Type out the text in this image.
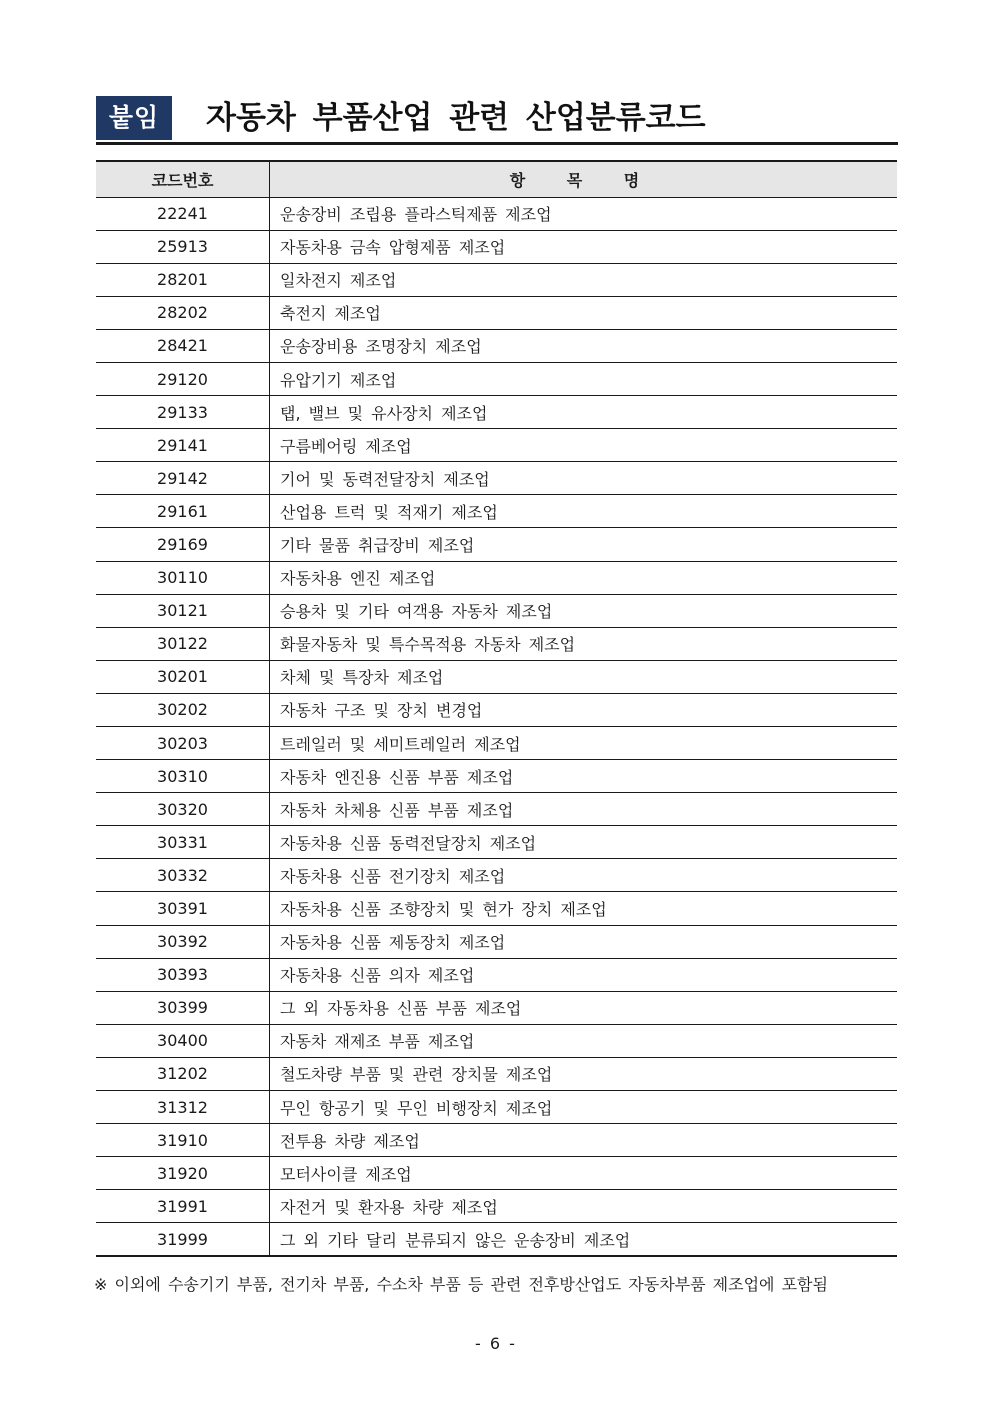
붙임	자동차 부품산업 관련 산업분류코드
코드번호	항 목 명
22241	운송장비 조립용 플라스틱제품 제조업
25913	자동차용 금속 압형제품 제조업
28201	일차전지 제조업
28202	축전지 제조업
28421	운송장비용 조명장치 제조업
29120	유압기기 제조업
29133	탭, 밸브 및 유사장치 제조업
29141	구름베어링 제조업
29142	기어 및 동력전달장치 제조업
29161	산업용 트럭 및 적재기 제조업
29169	기타 물품 취급장비 제조업
30110	자동차용 엔진 제조업
30121	승용차 및 기타 여객용 자동차 제조업
30122	화물자동차 및 특수목적용 자동차 제조업
30201	차체 및 특장차 제조업
30202	자동차 구조 및 장치 변경업
30203	트레일러 및 세미트레일러 제조업
30310	자동차 엔진용 신품 부품 제조업
30320	자동차 차체용 신품 부품 제조업
30331	자동차용 신품 동력전달장치 제조업
30332	자동차용 신품 전기장치 제조업
30391	자동차용 신품 조향장치 및 현가 장치 제조업
30392	자동차용 신품 제동장치 제조업
30393	자동차용 신품 의자 제조업
30399	그 외 자동차용 신품 부품 제조업
30400	자동차 재제조 부품 제조업
31202	철도차량 부품 및 관련 장치물 제조업
31312	무인 항공기 및 무인 비행장치 제조업
31910	전투용 차량 제조업
31920	모터사이클 제조업
31991	자전거 및 환자용 차량 제조업
31999	그 외 기타 달리 분류되지 않은 운송장비 제조업
※ 이외에 수송기기 부품, 전기차 부품, 수소차 부품 등 관련 전후방산업도 자동차부품 제조업에 포함됨
- 6 -
